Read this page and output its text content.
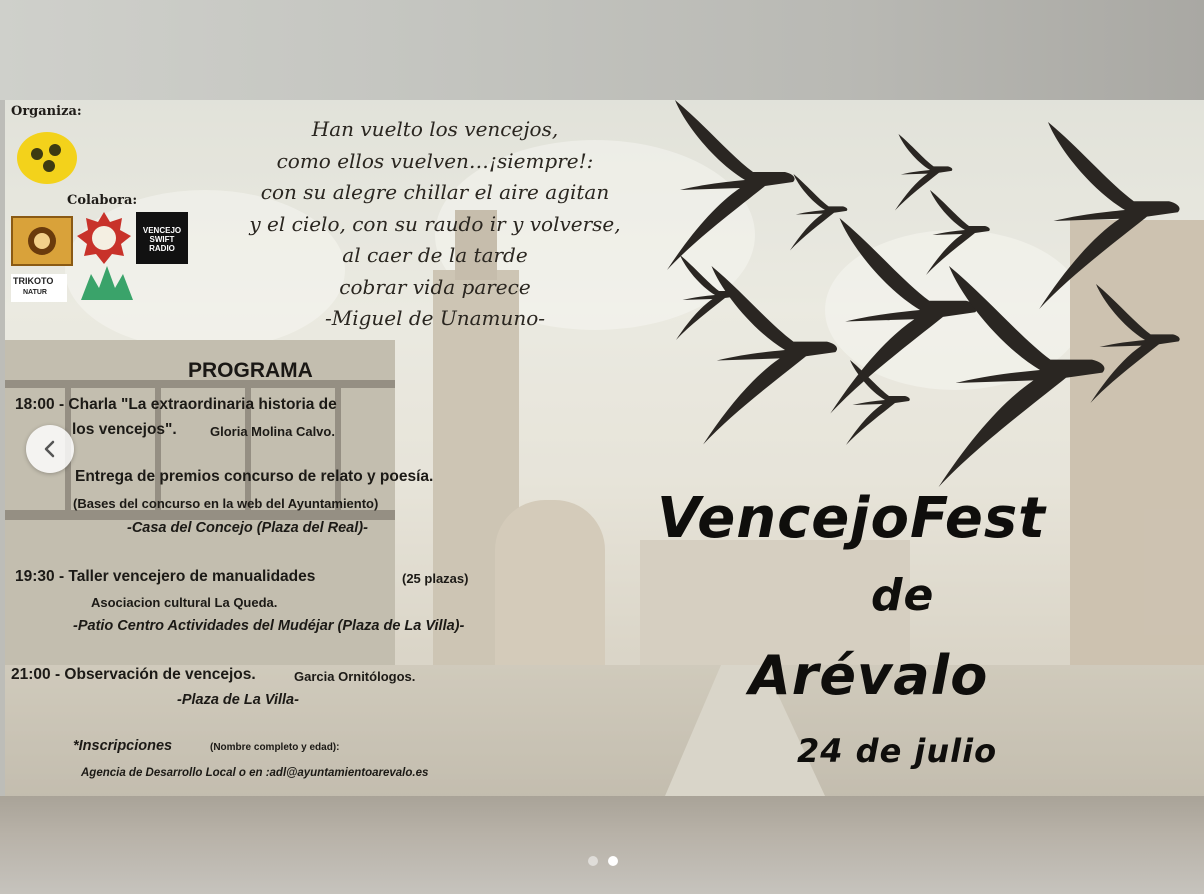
Organiza:
Colabora:
VENCEJO
SWIFT
RADIO
TRIKOTO
NATUR
Han vuelto los vencejos,
como ellos vuelven…¡siempre!:
con su alegre chillar el aire agitan
y el cielo, con su raudo ir y volverse,
al caer de la tarde
cobrar vida parece
-Miguel de Unamuno-
PROGRAMA
18:00 - Charla "La extraordinaria historia de
los vencejos".	Gloria Molina Calvo.
Entrega de premios concurso de relato y poesía.
(Bases del concurso en la web del Ayuntamiento)
-Casa del Concejo (Plaza del Real)-
19:30 - Taller vencejero de manualidades	(25 plazas)
Asociacion cultural La Queda.
-Patio Centro Actividades del Mudéjar (Plaza de La Villa)-
21:00 - Observación de vencejos.	Garcia Ornitólogos.
-Plaza de La Villa-
*Inscripciones	(Nombre completo y edad):
Agencia de Desarrollo Local o en :adl@ayuntamientoarevalo.es
VencejoFest
de
Arévalo
24 de julio
